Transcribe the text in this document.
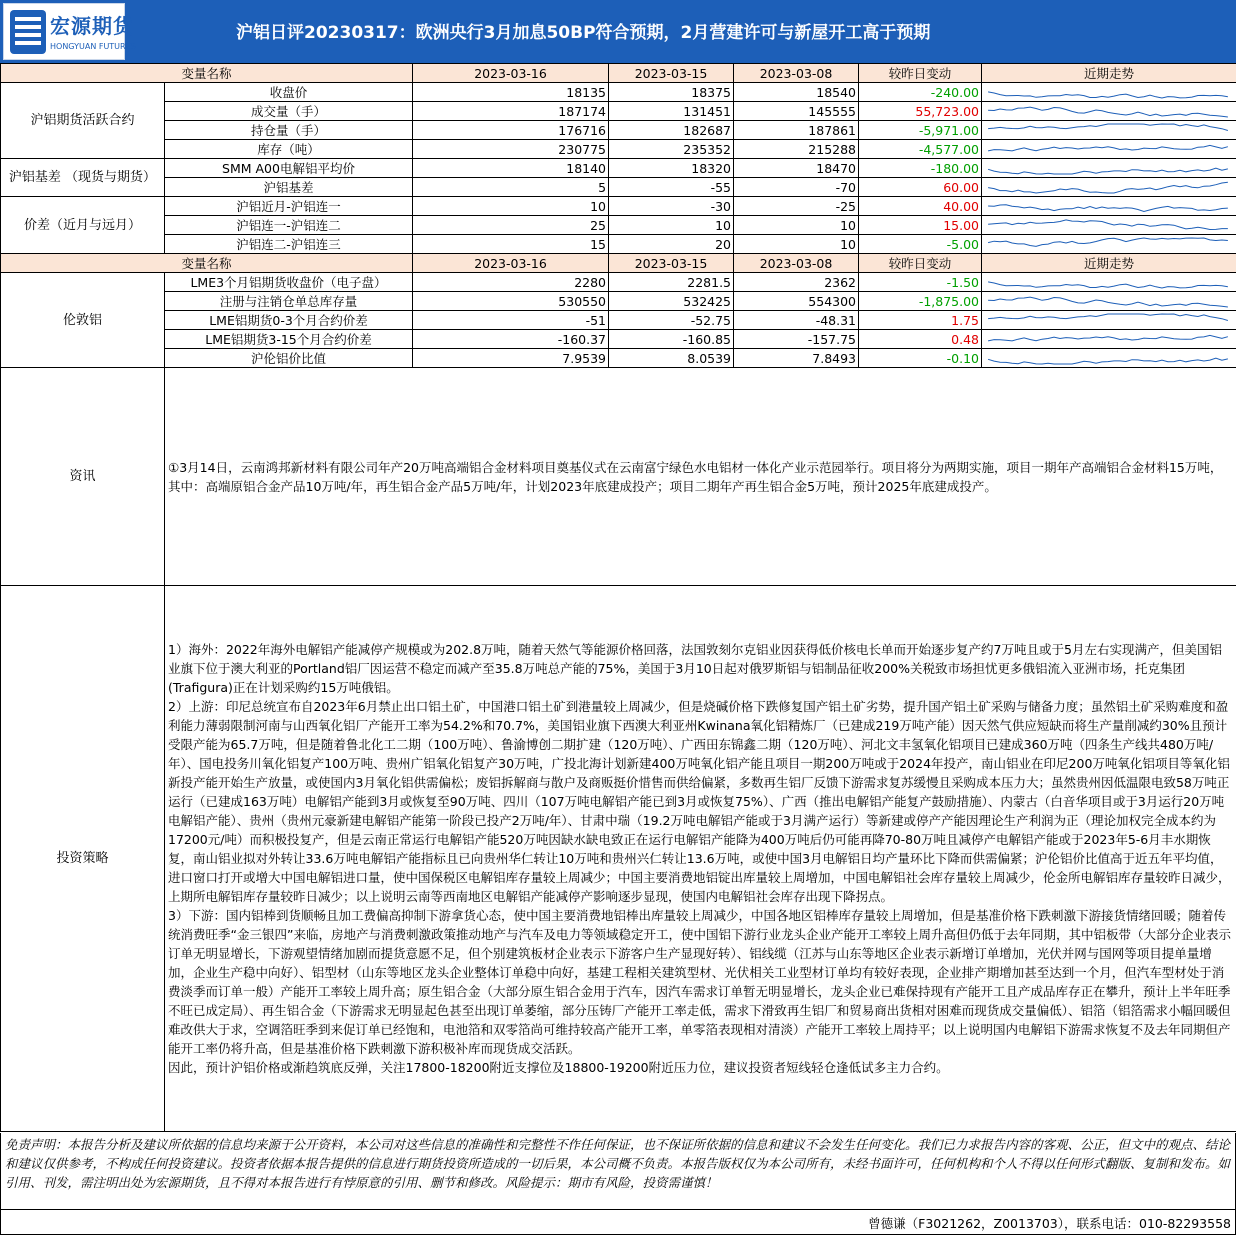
宏源期货
HONGYUAN FUTURES
沪铝日评20230317：欧洲央行3月加息50BP符合预期，2月营建许可与新屋开工高于预期
变量名称		2023-03-16	2023-03-15	2023-03-08	较昨日变动	近期走势
沪铝期货活跃合约	收盘价	18135	18375	18540	-240.00	

	成交量（手）	187174	131451	145555	55,723.00	

	持仓量（手）	176716	182687	187861	-5,971.00	

	库存（吨）	230775	235352	215288	-4,577.00	

沪铝基差 （现货与期货）	SMM A00电解铝平均价	18140	18320	18470	-180.00	

	沪铝基差	5	-55	-70	60.00	

价差（近月与远月）	沪铝近月-沪铝连一	10	-30	-25	40.00	

	沪铝连一-沪铝连二	25	10	10	15.00	

	沪铝连二-沪铝连三	15	20	10	-5.00	

变量名称		2023-03-16	2023-03-15	2023-03-08	较昨日变动	近期走势
伦敦铝	LME3个月铝期货收盘价（电子盘）	2280	2281.5	2362	-1.50	

	注册与注销仓单总库存量	530550	532425	554300	-1,875.00	

	LME铝期货0-3个月合约价差	-51	-52.75	-48.31	1.75	

	LME铝期货3-15个月合约价差	-160.37	-160.85	-157.75	0.48	

	沪伦铝价比值	7.9539	8.0539	7.8493	-0.10	

资讯	①3月14日，云南鸿邦新材料有限公司年产20万吨高端铝合金材料项目奠基仪式在云南富宁绿色水电铝材一体化产业示范园举行。项目将分为两期实施，项目一期年产高端铝合金材料15万吨，其中：高端原铝合金产品10万吨/年，再生铝合金产品5万吨/年，计划2023年底建成投产；项目二期年产再生铝合金5万吨，预计2025年底建成投产。					
投资策略	1）海外：2022年海外电解铝产能减停产规模或为202.8万吨，随着天然气等能源价格回落，法国敦刻尔克铝业因获得低价核电长单而开始逐步复产约7万吨且或于5月左右实现满产，但美国铝业旗下位于澳大利亚的Portland铝厂因运营不稳定而减产至35.8万吨总产能的75%，美国于3月10日起对俄罗斯铝与铝制品征收200%关税致市场担忧更多俄铝流入亚洲市场，托克集团(Trafigura)正在计划采购约15万吨俄铝。
2）上游：印尼总统宣布自2023年6月禁止出口铝土矿，中国港口铝土矿到港量较上周减少，但是烧碱价格下跌修复国产铝土矿劣势，提升国产铝土矿采购与储备力度；虽然铝土矿采购难度和盈利能力薄弱限制河南与山西氧化铝厂产能开工率为54.2%和70.7%，美国铝业旗下西澳大利亚州Kwinana氧化铝精炼厂（已建成219万吨产能）因天然气供应短缺而将生产量削减约30%且预计受限产能为65.7万吨，但是随着鲁北化工二期（100万吨）、鲁渝博创二期扩建（120万吨）、广西田东锦鑫二期（120万吨）、河北文丰氢氧化铝项目已建成360万吨（四条生产线共480万吨/年）、国电投务川氧化铝复产100万吨、贵州广铝氧化铝复产30万吨，广投北海计划新建400万吨氧化铝产能且项目一期200万吨或于2024年投产，南山铝业在印尼200万吨氧化铝项目等氧化铝新投产能开始生产放量，或使国内3月氧化铝供需偏松；废铝拆解商与散户及商贩挺价惜售而供给偏紧，多数再生铝厂反馈下游需求复苏缓慢且采购成本压力大；虽然贵州因低温限电致58万吨正运行（已建成163万吨）电解铝产能到3月或恢复至90万吨、四川（107万吨电解铝产能已到3月或恢复75%）、广西（推出电解铝产能复产鼓励措施）、内蒙古（白音华项目或于3月运行20万吨电解铝产能）、贵州（贵州元豪新建电解铝产能第一阶段已投产2万吨/年）、甘肃中瑞（19.2万吨电解铝产能或于3月满产运行）等新建或停产产能因理论生产利润为正（理论加权完全成本约为17200元/吨）而积极投复产，但是云南正常运行电解铝产能520万吨因缺水缺电致正在运行电解铝产能降为400万吨后仍可能再降70-80万吨且减停产电解铝产能或于2023年5-6月丰水期恢复，南山铝业拟对外转让33.6万吨电解铝产能指标且已向贵州华仁转让10万吨和贵州兴仁转让13.6万吨，或使中国3月电解铝日均产量环比下降而供需偏紧；沪伦铝价比值高于近五年平均值，进口窗口打开或增大中国电解铝进口量，使中国保税区电解铝库存量较上周减少；中国主要消费地铝锭出库量较上周增加，中国电解铝社会库存量较上周减少，伦金所电解铝库存量较昨日减少，上期所电解铝库存量较昨日减少；以上说明云南等西南地区电解铝产能减停产影响逐步显现，使国内电解铝社会库存出现下降拐点。
3）下游：国内铝棒到货顺畅且加工费偏高抑制下游拿货心态，使中国主要消费地铝棒出库量较上周减少，中国各地区铝棒库存量较上周增加，但是基准价格下跌刺激下游接货情绪回暖；随着传统消费旺季“金三银四”来临，房地产与消费刺激政策推动地产与汽车及电力等领域稳定开工，使中国铝下游行业龙头企业产能开工率较上周升高但仍低于去年同期，其中铝板带（大部分企业表示订单无明显增长，下游观望情绪加剧而提货意愿不足，但个别建筑板材企业表示下游客户生产显现好转）、铝线缆（江苏与山东等地区企业表示新增订单增加，光伏并网与国网等项目提单量增加，企业生产稳中向好）、铝型材（山东等地区龙头企业整体订单稳中向好，基建工程相关建筑型材、光伏相关工业型材订单均有较好表现，企业排产期增加甚至达到一个月，但汽车型材处于消费淡季而订单一般）产能开工率较上周升高；原生铝合金（大部分原生铝合金用于汽车，因汽车需求订单暂无明显增长，龙头企业已难保持现有产能开工且产成品库存正在攀升，预计上半年旺季不旺已成定局）、再生铝合金（下游需求无明显起色甚至出现订单萎缩，部分压铸厂产能开工率走低，需求下滑致再生铝厂和贸易商出货相对困难而现货成交量偏低）、铝箔（铝箔需求小幅回暖但难改供大于求，空调箔旺季到来促订单已经饱和，电池箔和双零箔尚可维持较高产能开工率，单零箔表现相对清淡）产能开工率较上周持平；以上说明国内电解铝下游需求恢复不及去年同期但产能开工率仍将升高，但是基准价格下跌刺激下游积极补库而现货成交活跃。
因此，预计沪铝价格或渐趋筑底反弹，关注17800-18200附近支撑位及18800-19200附近压力位，建议投资者短线轻仓逢低试多主力合约。					
免责声明：本报告分析及建议所依据的信息均来源于公开资料，本公司对这些信息的准确性和完整性不作任何保证，也不保证所依据的信息和建议不会发生任何变化。我们已力求报告内容的客观、公正，但文中的观点、结论和建议仅供参考，不构成任何投资建议。投资者依据本报告提供的信息进行期货投资所造成的一切后果，本公司概不负责。本报告版权仅为本公司所有，未经书面许可，任何机构和个人不得以任何形式翻版、复制和发布。如引用、刊发，需注明出处为宏源期货，且不得对本报告进行有悖原意的引用、删节和修改。风险提示：期市有风险，投资需谨慎！
曾德谦（F3021262，Z0013703），联系电话：010-82293558
